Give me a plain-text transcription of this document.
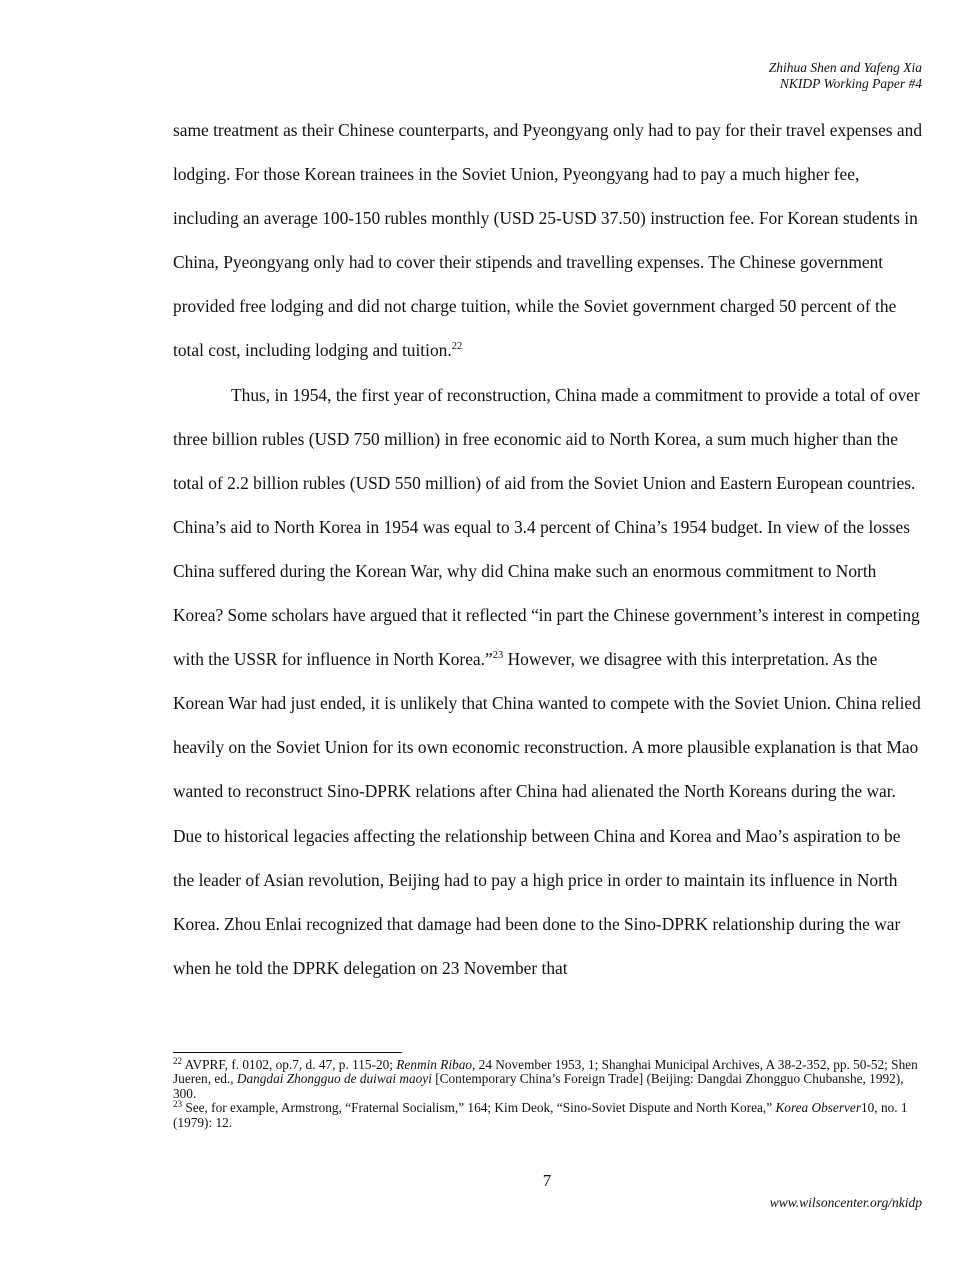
Zhihua Shen and Yafeng Xia
NKIDP Working Paper #4

same treatment as their Chinese counterparts, and Pyeongyang only had to pay for their travel expenses and lodging. For those Korean trainees in the Soviet Union, Pyeongyang had to pay a much higher fee, including an average 100-150 rubles monthly (USD 25-USD 37.50) instruction fee. For Korean students in China, Pyeongyang only had to cover their stipends and travelling expenses. The Chinese government provided free lodging and did not charge tuition, while the Soviet government charged 50 percent of the total cost, including lodging and tuition.$^{22}$

Thus, in 1954, the first year of reconstruction, China made a commitment to provide a total of over three billion rubles (USD 750 million) in free economic aid to North Korea, a sum much higher than the total of 2.2 billion rubles (USD 550 million) of aid from the Soviet Union and Eastern European countries. China’s aid to North Korea in 1954 was equal to 3.4 percent of China’s 1954 budget. In view of the losses China suffered during the Korean War, why did China make such an enormous commitment to North Korea? Some scholars have argued that it reflected “in part the Chinese government’s interest in competing with the USSR for influence in North Korea.”$^{23}$ However, we disagree with this interpretation. As the Korean War had just ended, it is unlikely that China wanted to compete with the Soviet Union. China relied heavily on the Soviet Union for its own economic reconstruction. A more plausible explanation is that Mao wanted to reconstruct Sino-DPRK relations after China had alienated the North Koreans during the war. Due to historical legacies affecting the relationship between China and Korea and Mao’s aspiration to be the leader of Asian revolution, Beijing had to pay a high price in order to maintain its influence in North Korea. Zhou Enlai recognized that damage had been done to the Sino-DPRK relationship during the war when he told the DPRK delegation on 23 November that

$^{22}$ AVPRF, f. 0102, op.7, d. 47, p. 115-20; Renmin Ribao, 24 November 1953, 1; Shanghai Municipal Archives, A 38-2-352, pp. 50-52; Shen Jueren, ed., Dangdai Zhongguo de duiwai maoyi [Contemporary China’s Foreign Trade] (Beijing: Dangdai Zhongguo Chubanshe, 1992), 300.

$^{23}$ See, for example, Armstrong, “Fraternal Socialism,” 164; Kim Deok, “Sino-Soviet Dispute and North Korea,” Korea Observer10, no. 1 (1979): 12.

7
www.wilsoncenter.org/nkidp
